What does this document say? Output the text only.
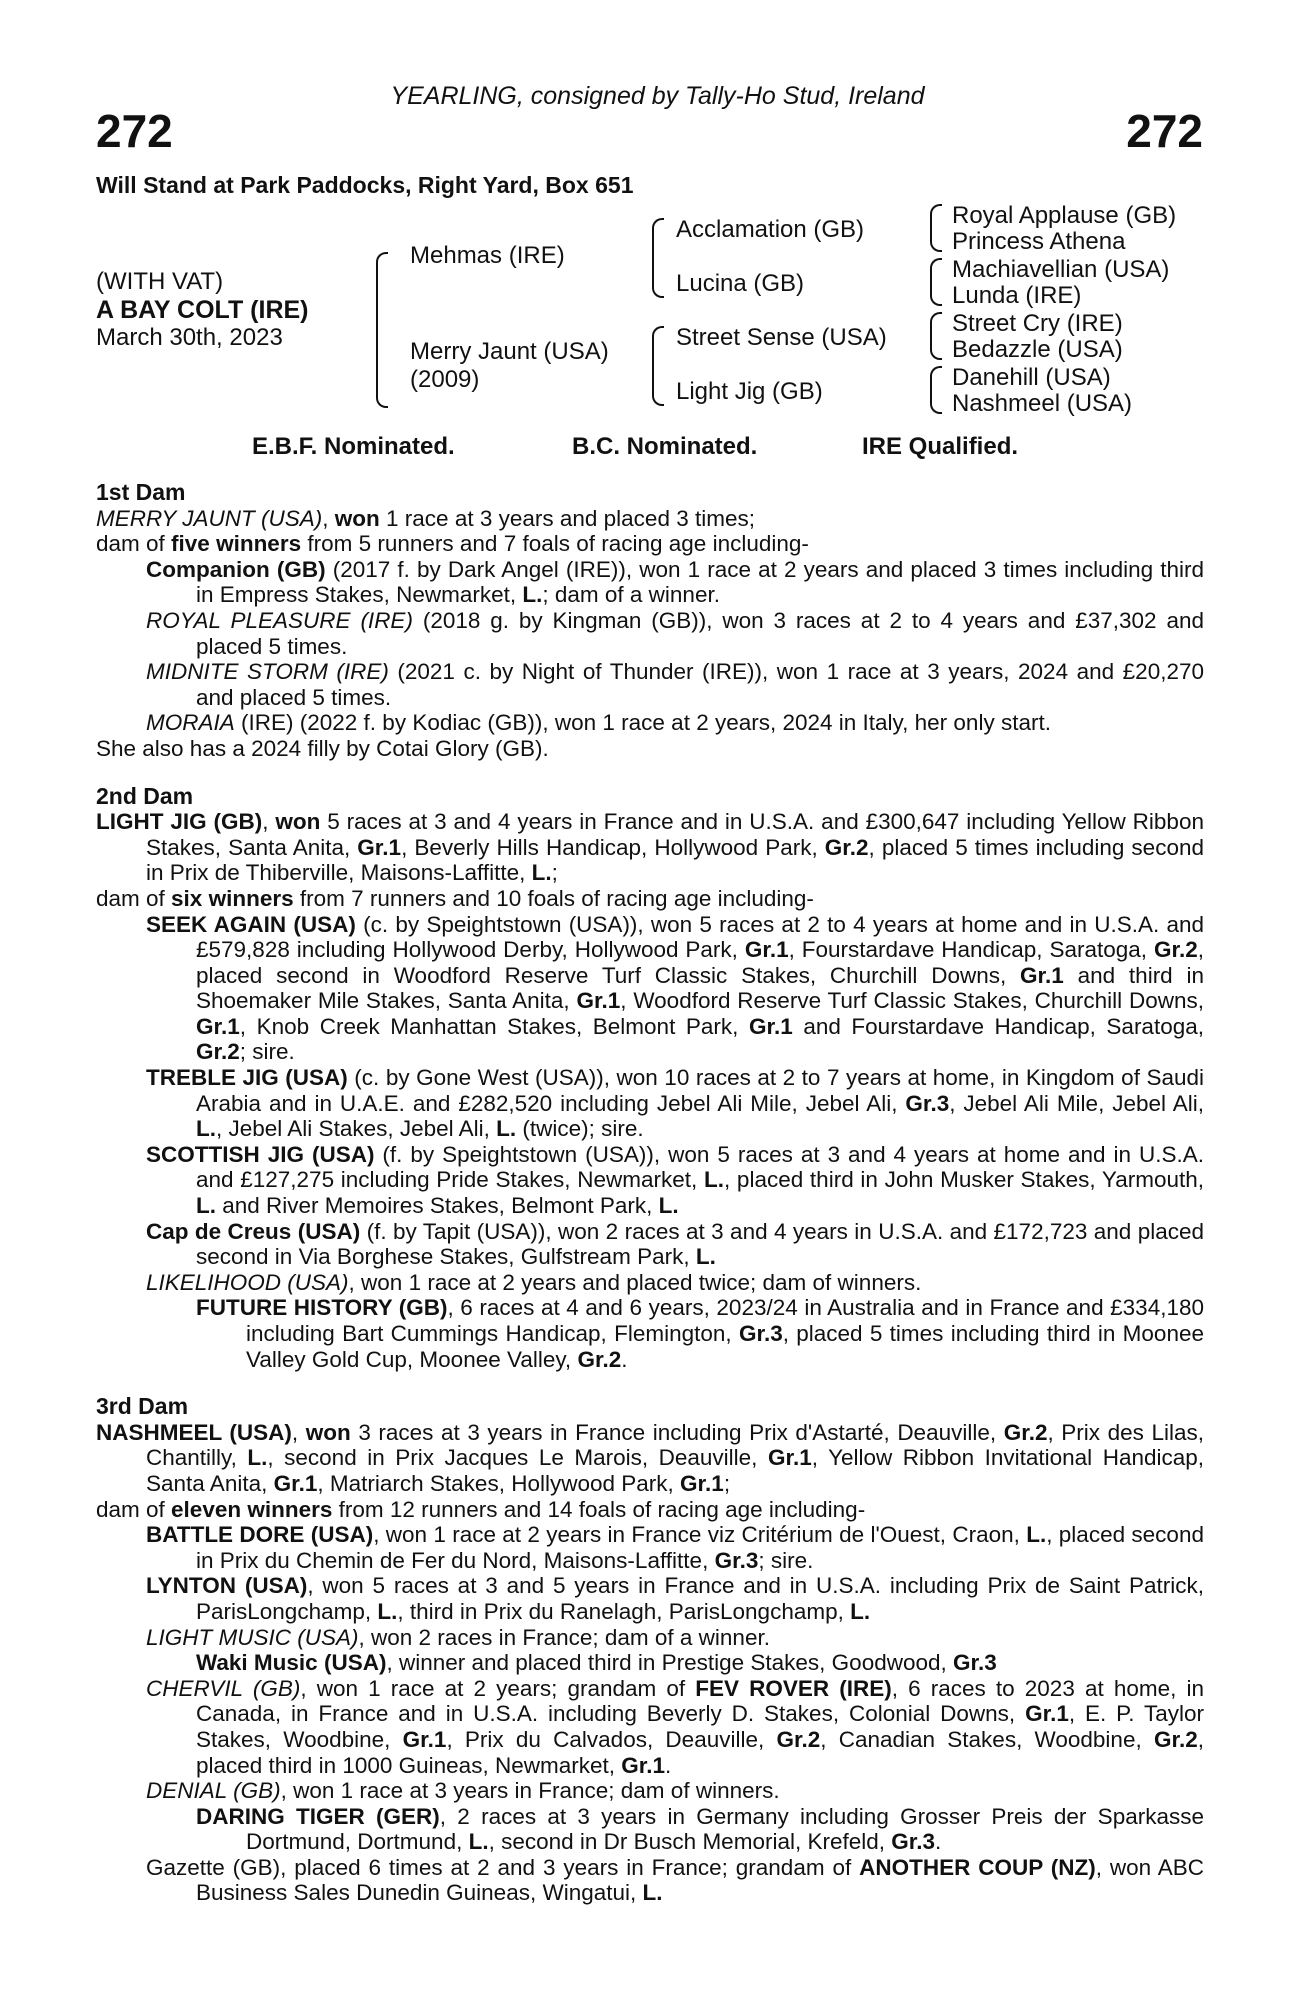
272	272
YEARLING, consigned by Tally-Ho Stud, Ireland
Will Stand at Park Paddocks, Right Yard, Box 651
(WITH VAT)
A BAY COLT (IRE)
March 30th, 2023
Mehmas (IRE)
Merry Jaunt (USA)
(2009)
Acclamation (GB)
Lucina (GB)
Street Sense (USA)
Light Jig (GB)
Royal Applause (GB)
Princess Athena
Machiavellian (USA)
Lunda (IRE)
Street Cry (IRE)
Bedazzle (USA)
Danehill (USA)
Nashmeel (USA)
E.B.F. Nominated.	B.C. Nominated.	IRE Qualified.
1st Dam

MERRY JAUNT (USA), won 1 race at 3 years and placed 3 times;

dam of five winners from 5 runners and 7 foals of racing age including-

Companion (GB) (2017 f. by Dark Angel (IRE)), won 1 race at 2 years and placed 3 times including third in Empress Stakes, Newmarket, L.; dam of a winner.

ROYAL PLEASURE (IRE) (2018 g. by Kingman (GB)), won 3 races at 2 to 4 years and £37,302 and placed 5 times.

MIDNITE STORM (IRE) (2021 c. by Night of Thunder (IRE)), won 1 race at 3 years, 2024 and £20,270 and placed 5 times.

MORAIA (IRE) (2022 f. by Kodiac (GB)), won 1 race at 2 years, 2024 in Italy, her only start.

She also has a 2024 filly by Cotai Glory (GB).

2nd Dam

LIGHT JIG (GB), won 5 races at 3 and 4 years in France and in U.S.A. and £300,647 including Yellow Ribbon Stakes, Santa Anita, Gr.1, Beverly Hills Handicap, Hollywood Park, Gr.2, placed 5 times including second in Prix de Thiberville, Maisons-Laffitte, L.;

dam of six winners from 7 runners and 10 foals of racing age including-

SEEK AGAIN (USA) (c. by Speightstown (USA)), won 5 races at 2 to 4 years at home and in U.S.A. and £579,828 including Hollywood Derby, Hollywood Park, Gr.1, Fourstardave Handicap, Saratoga, Gr.2, placed second in Woodford Reserve Turf Classic Stakes, Churchill Downs, Gr.1 and third in Shoemaker Mile Stakes, Santa Anita, Gr.1, Woodford Reserve Turf Classic Stakes, Churchill Downs, Gr.1, Knob Creek Manhattan Stakes, Belmont Park, Gr.1 and Fourstardave Handicap, Saratoga, Gr.2; sire.

TREBLE JIG (USA) (c. by Gone West (USA)), won 10 races at 2 to 7 years at home, in Kingdom of Saudi Arabia and in U.A.E. and £282,520 including Jebel Ali Mile, Jebel Ali, Gr.3, Jebel Ali Mile, Jebel Ali, L., Jebel Ali Stakes, Jebel Ali, L. (twice); sire.

SCOTTISH JIG (USA) (f. by Speightstown (USA)), won 5 races at 3 and 4 years at home and in U.S.A. and £127,275 including Pride Stakes, Newmarket, L., placed third in John Musker Stakes, Yarmouth, L. and River Memoires Stakes, Belmont Park, L.

Cap de Creus (USA) (f. by Tapit (USA)), won 2 races at 3 and 4 years in U.S.A. and £172,723 and placed second in Via Borghese Stakes, Gulfstream Park, L.

LIKELIHOOD (USA), won 1 race at 2 years and placed twice; dam of winners.

FUTURE HISTORY (GB), 6 races at 4 and 6 years, 2023/24 in Australia and in France and £334,180 including Bart Cummings Handicap, Flemington, Gr.3, placed 5 times including third in Moonee Valley Gold Cup, Moonee Valley, Gr.2.

3rd Dam

NASHMEEL (USA), won 3 races at 3 years in France including Prix d'Astarté, Deauville, Gr.2, Prix des Lilas, Chantilly, L., second in Prix Jacques Le Marois, Deauville, Gr.1, Yellow Ribbon Invitational Handicap, Santa Anita, Gr.1, Matriarch Stakes, Hollywood Park, Gr.1;

dam of eleven winners from 12 runners and 14 foals of racing age including-

BATTLE DORE (USA), won 1 race at 2 years in France viz Critérium de l'Ouest, Craon, L., placed second in Prix du Chemin de Fer du Nord, Maisons-Laffitte, Gr.3; sire.

LYNTON (USA), won 5 races at 3 and 5 years in France and in U.S.A. including Prix de Saint Patrick, ParisLongchamp, L., third in Prix du Ranelagh, ParisLongchamp, L.

LIGHT MUSIC (USA), won 2 races in France; dam of a winner.

Waki Music (USA), winner and placed third in Prestige Stakes, Goodwood, Gr.3

CHERVIL (GB), won 1 race at 2 years; grandam of FEV ROVER (IRE), 6 races to 2023 at home, in Canada, in France and in U.S.A. including Beverly D. Stakes, Colonial Downs, Gr.1, E. P. Taylor Stakes, Woodbine, Gr.1, Prix du Calvados, Deauville, Gr.2, Canadian Stakes, Woodbine, Gr.2, placed third in 1000 Guineas, Newmarket, Gr.1.

DENIAL (GB), won 1 race at 3 years in France; dam of winners.

DARING TIGER (GER), 2 races at 3 years in Germany including Grosser Preis der Sparkasse Dortmund, Dortmund, L., second in Dr Busch Memorial, Krefeld, Gr.3.

Gazette (GB), placed 6 times at 2 and 3 years in France; grandam of ANOTHER COUP (NZ), won ABC Business Sales Dunedin Guineas, Wingatui, L.
